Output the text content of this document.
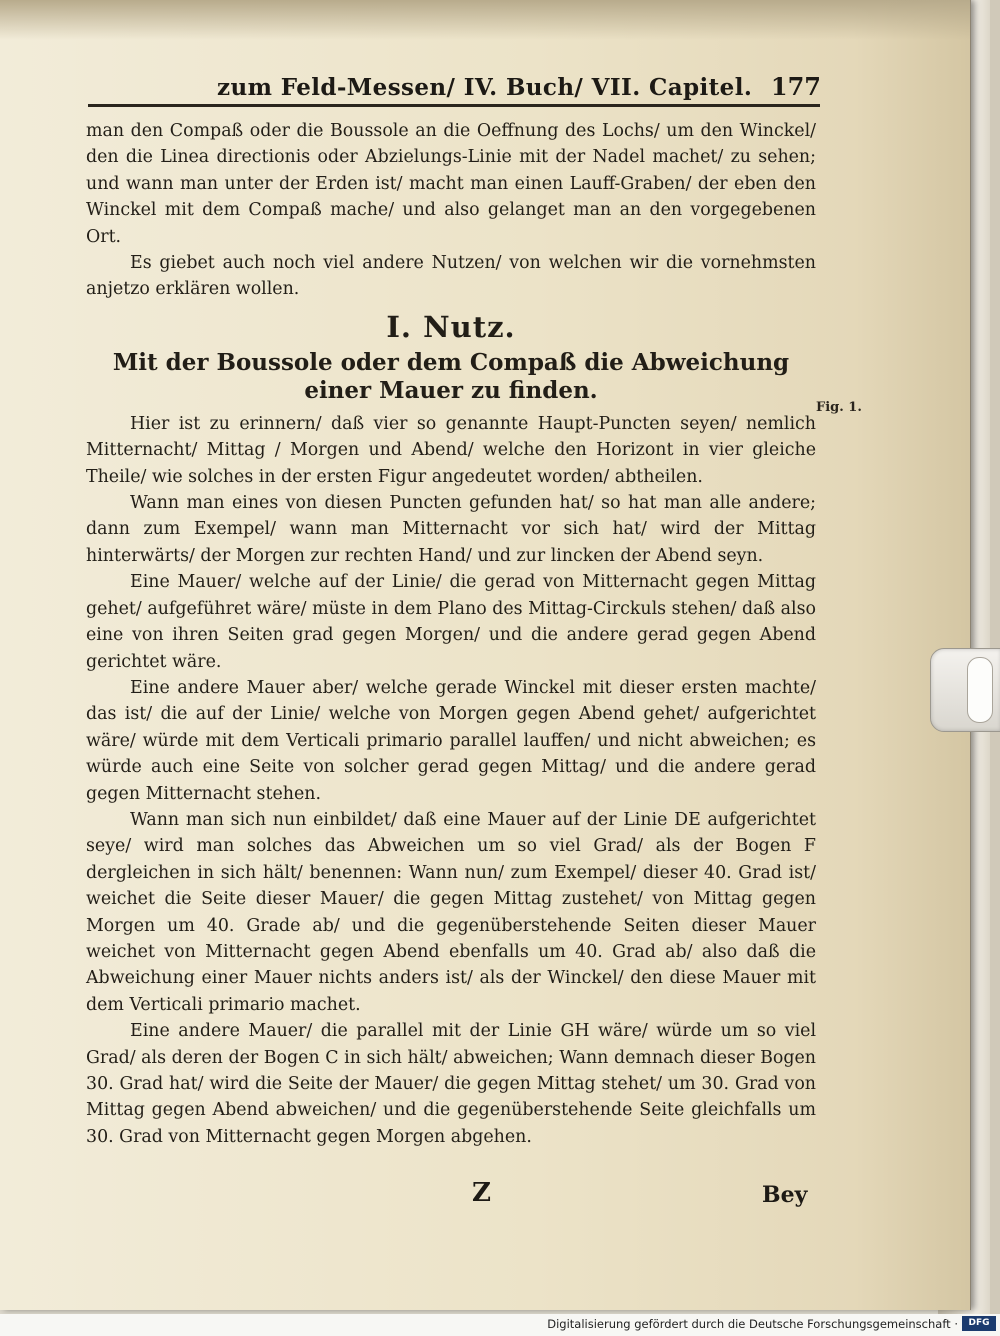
zum Feld-Messen/ IV. Buch/ VII. Capitel. 177

man den Compaß oder die Boussole an die Oeffnung des Lochs/ um den Winckel/ den die Linea directionis oder Abzielungs-Linie mit der Nadel machet/ zu sehen; und wann man unter der Erden ist/ macht man einen Lauff-Graben/ der eben den Winckel mit dem Compaß mache/ und also gelanget man an den vorgegebenen Ort.

Es giebet auch noch viel andere Nutzen/ von welchen wir die vornehmsten anjetzo erklären wollen.

I. Nutz.
Mit der Boussole oder dem Compaß die Abweichung einer Mauer zu finden.

Hier ist zu erinnern/ daß vier so genannte Haupt-Puncten seyen/ nemlich Mitternacht/ Mittag / Morgen und Abend/ welche den Horizont in vier gleiche Theile/ wie solches in der ersten Figur angedeutet worden/ abtheilen.

Wann man eines von diesen Puncten gefunden hat/ so hat man alle andere; dann zum Exempel/ wann man Mitternacht vor sich hat/ wird der Mittag hinterwärts/ der Morgen zur rechten Hand/ und zur lincken der Abend seyn.

Eine Mauer/ welche auf der Linie/ die gerad von Mitternacht gegen Mittag gehet/ aufgeführet wäre/ müste in dem Plano des Mittag-Circkuls stehen/ daß also eine von ihren Seiten grad gegen Morgen/ und die andere gerad gegen Abend gerichtet wäre.

Eine andere Mauer aber/ welche gerade Winckel mit dieser ersten machte/ das ist/ die auf der Linie/ welche von Morgen gegen Abend gehet/ aufgerichtet wäre/ würde mit dem Verticali primario parallel lauffen/ und nicht abweichen; es würde auch eine Seite von solcher gerad gegen Mittag/ und die andere gerad gegen Mitternacht stehen.

Wann man sich nun einbildet/ daß eine Mauer auf der Linie DE aufgerichtet seye/ wird man solches das Abweichen um so viel Grad/ als der Bogen F dergleichen in sich hält/ benennen: Wann nun/ zum Exempel/ dieser 40. Grad ist/ weichet die Seite dieser Mauer/ die gegen Mittag zustehet/ von Mittag gegen Morgen um 40. Grade ab/ und die gegenüberstehende Seiten dieser Mauer weichet von Mitternacht gegen Abend ebenfalls um 40. Grad ab/ also daß die Abweichung einer Mauer nichts anders ist/ als der Winckel/ den diese Mauer mit dem Verticali primario machet.

Eine andere Mauer/ die parallel mit der Linie GH wäre/ würde um so viel Grad/ als deren der Bogen C in sich hält/ abweichen; Wann demnach dieser Bogen 30. Grad hat/ wird die Seite der Mauer/ die gegen Mittag stehet/ um 30. Grad von Mittag gegen Abend abweichen/ und die gegenüberstehende Seite gleichfalls um 30. Grad von Mitternacht gegen Morgen abgehen.

Fig. 1.
Z	Bey
Digitalisierung gefördert durch die Deutsche Forschungsgemeinschaft ·	DFG
